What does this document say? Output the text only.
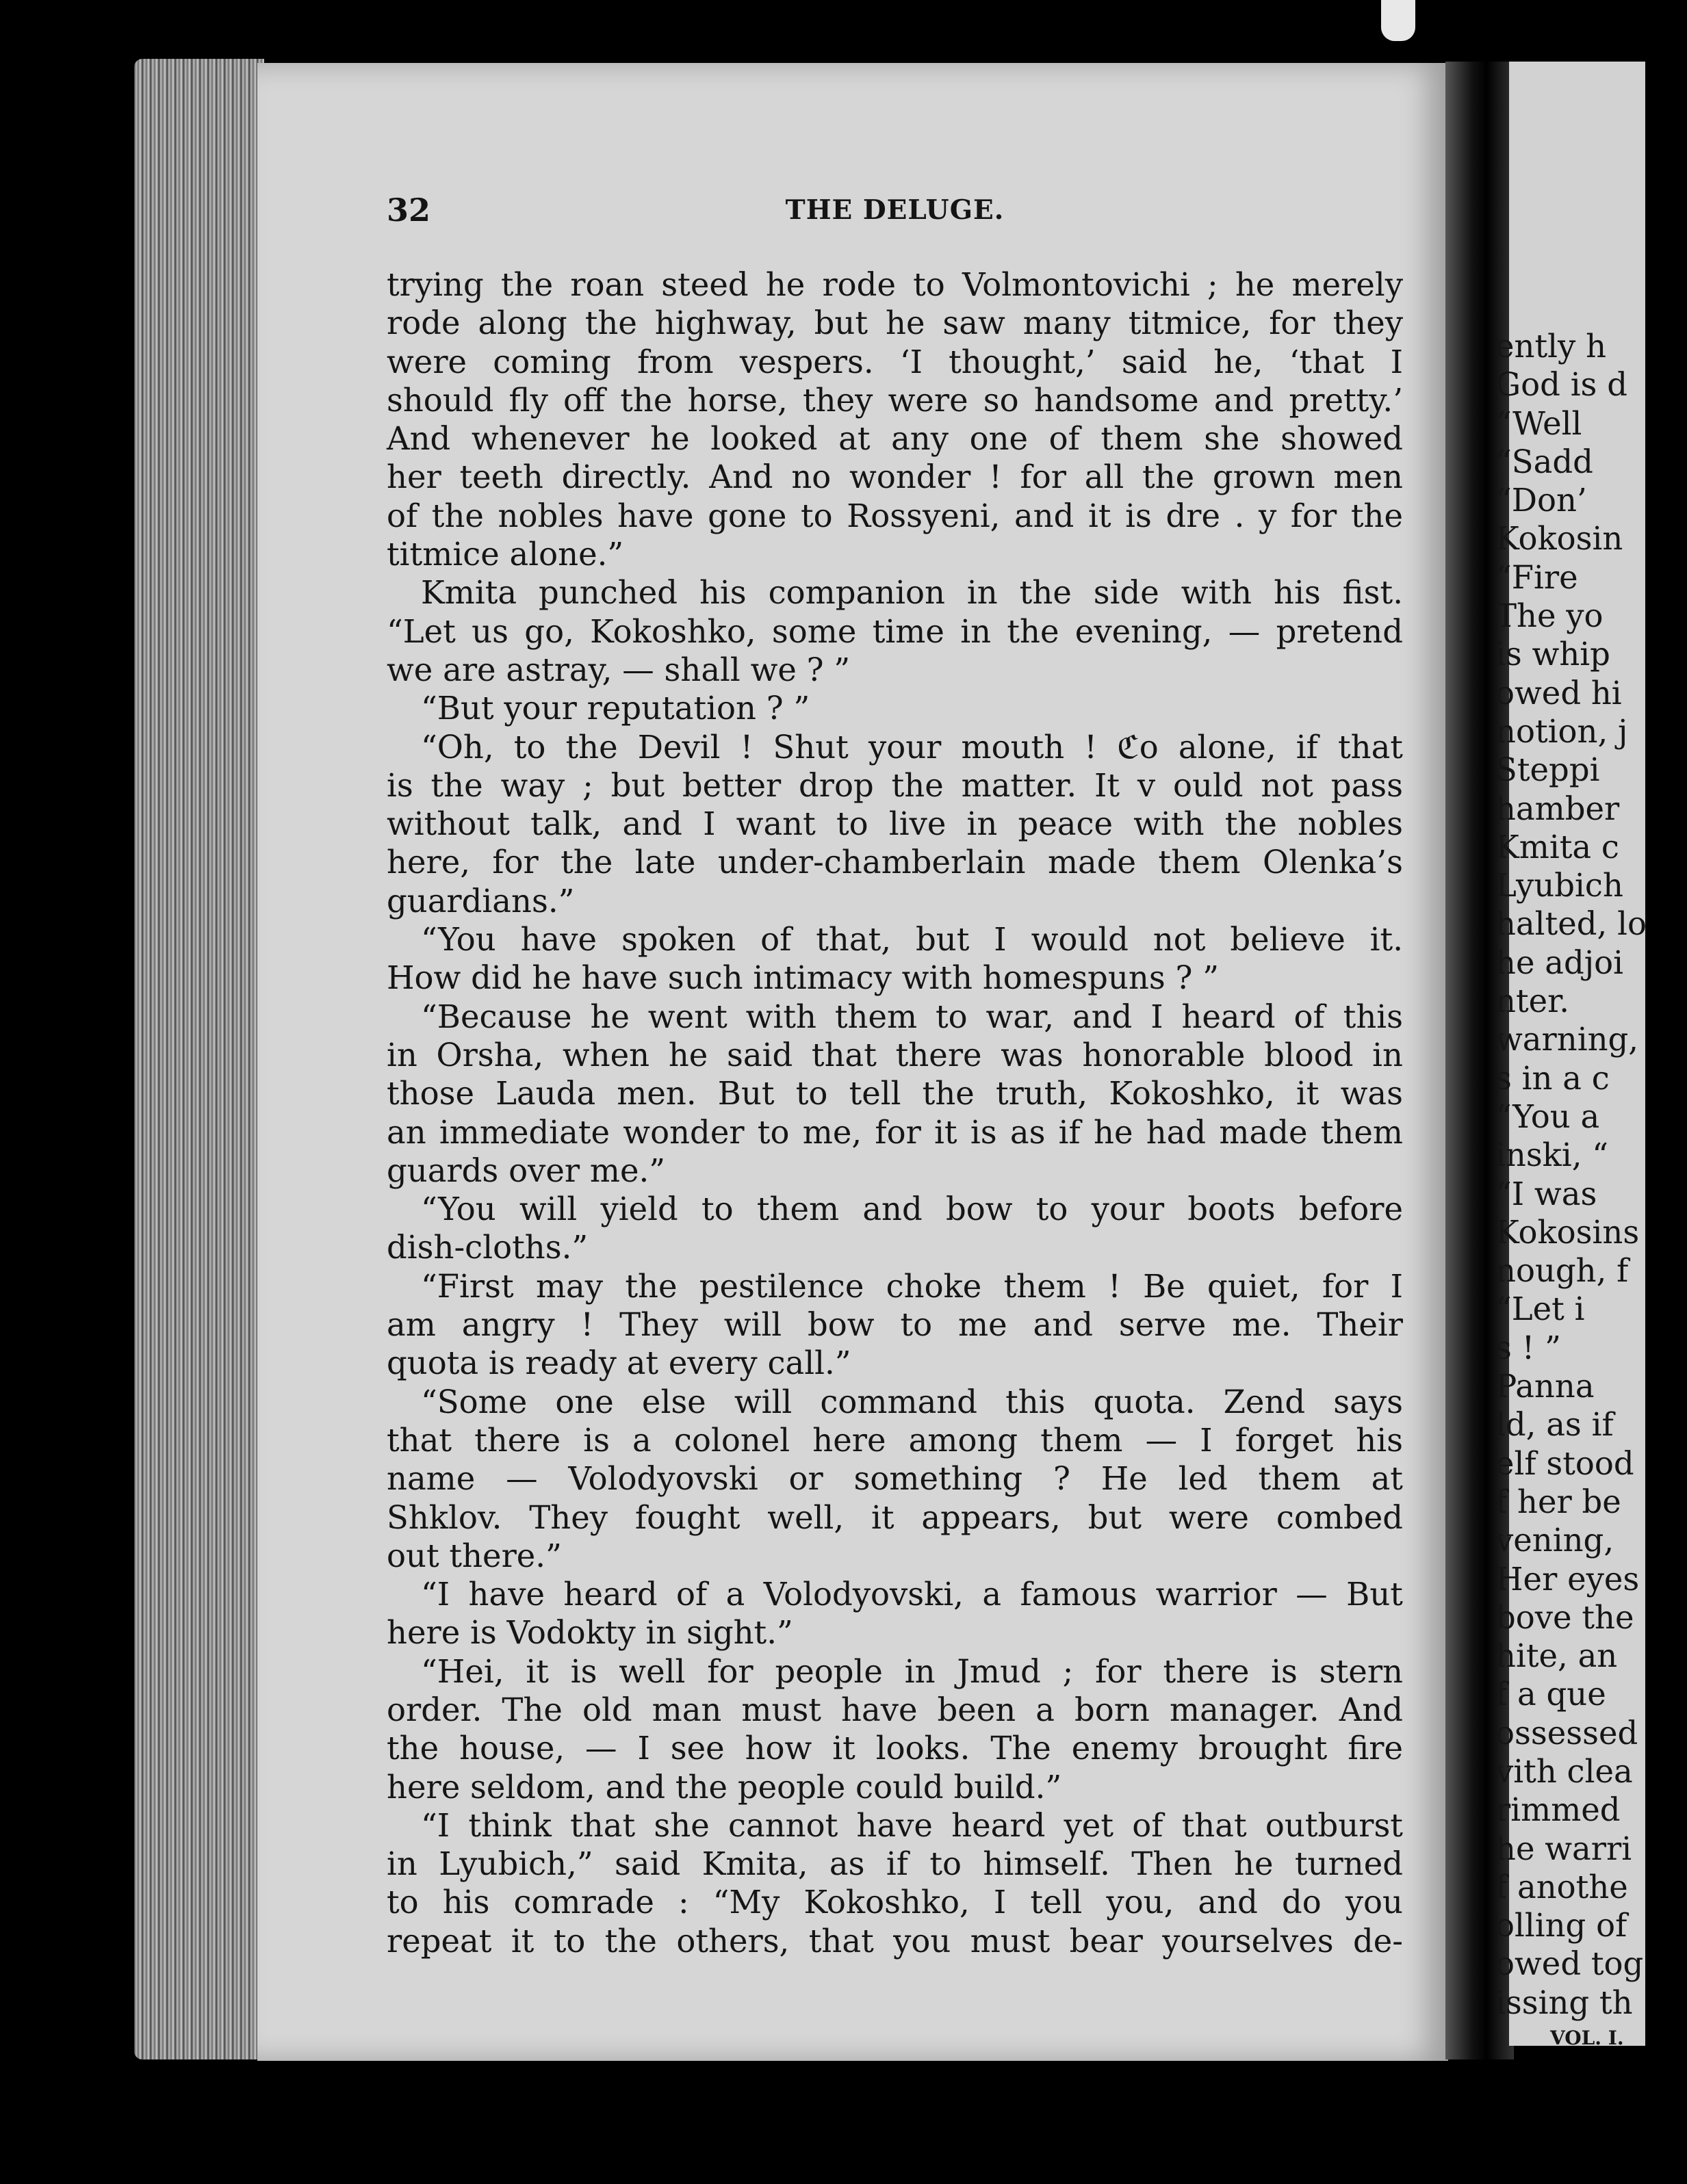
‌ently h
God is d
“Well
“Sadd
“Don’
Kokosin
“Fire
The yo
is whip
owed hi
notion, j
Steppi
hamber
Kmita c
Lyubich
halted, lo
he adjoi
nter.
warning,
s in a c
“You a
inski, “
“I was
Kokosins
nough, f
“Let i
s ! ”
Panna
ld, as if
elf stood
f her be
vening,
Her eyes
bove the
hite, an
f a que
ossessed
vith clea
rimmed
he warri
f anothe
olling of
owed tog
issing th
VOL. I.
32	THE DELUGE.
trying the roan steed he rode to Volmontovichi ; he merely
rode along the highway, but he saw many titmice, for they
were coming from vespers. ‘I thought,’ said he, ‘that I
should fly off the horse, they were so handsome and pretty.’
And whenever he looked at any one of them she showed
her teeth directly. And no wonder ! for all the grown men
of the nobles have gone to Rossyeni, and it is dre . y for the
titmice alone.”
Kmita punched his companion in the side with his fist.
“Let us go, Kokoshko, some time in the evening, — pretend
we are astray, — shall we ? ”
“But your reputation ? ”
“Oh, to the Devil ! Shut your mouth ! ℭo alone, if that
is the way ; but better drop the matter. It v ould not pass
without talk, and I want to live in peace with the nobles
here, for the late under-chamberlain made them Olenka’s
guardians.”
“You have spoken of that, but I would not believe it.
How did he have such intimacy with homespuns ? ”
“Because he went with them to war, and I heard of this
in Orsha, when he said that there was honorable blood in
those Lauda men. But to tell the truth, Kokoshko, it was
an immediate wonder to me, for it is as if he had made them
guards over me.”
“You will yield to them and bow to your boots before
dish-cloths.”
“First may the pestilence choke them ! Be quiet, for I
am angry ! They will bow to me and serve me. Their
quota is ready at every call.”
“Some one else will command this quota. Zend says
that there is a colonel here among them — I forget his
name — Volodyovski or something ? He led them at
Shklov. They fought well, it appears, but were combed
out there.”
“I have heard of a Volodyovski, a famous warrior — But
here is Vodokty in sight.”
“Hei, it is well for people in Jmud ; for there is stern
order. The old man must have been a born manager. And
the house, — I see how it looks. The enemy brought fire
here seldom, and the people could build.”
“I think that she cannot have heard yet of that outburst
in Lyubich,” said Kmita, as if to himself. Then he turned
to his comrade : “My Kokoshko, I tell you, and do you
repeat it to the others, that you must bear yourselves de-
